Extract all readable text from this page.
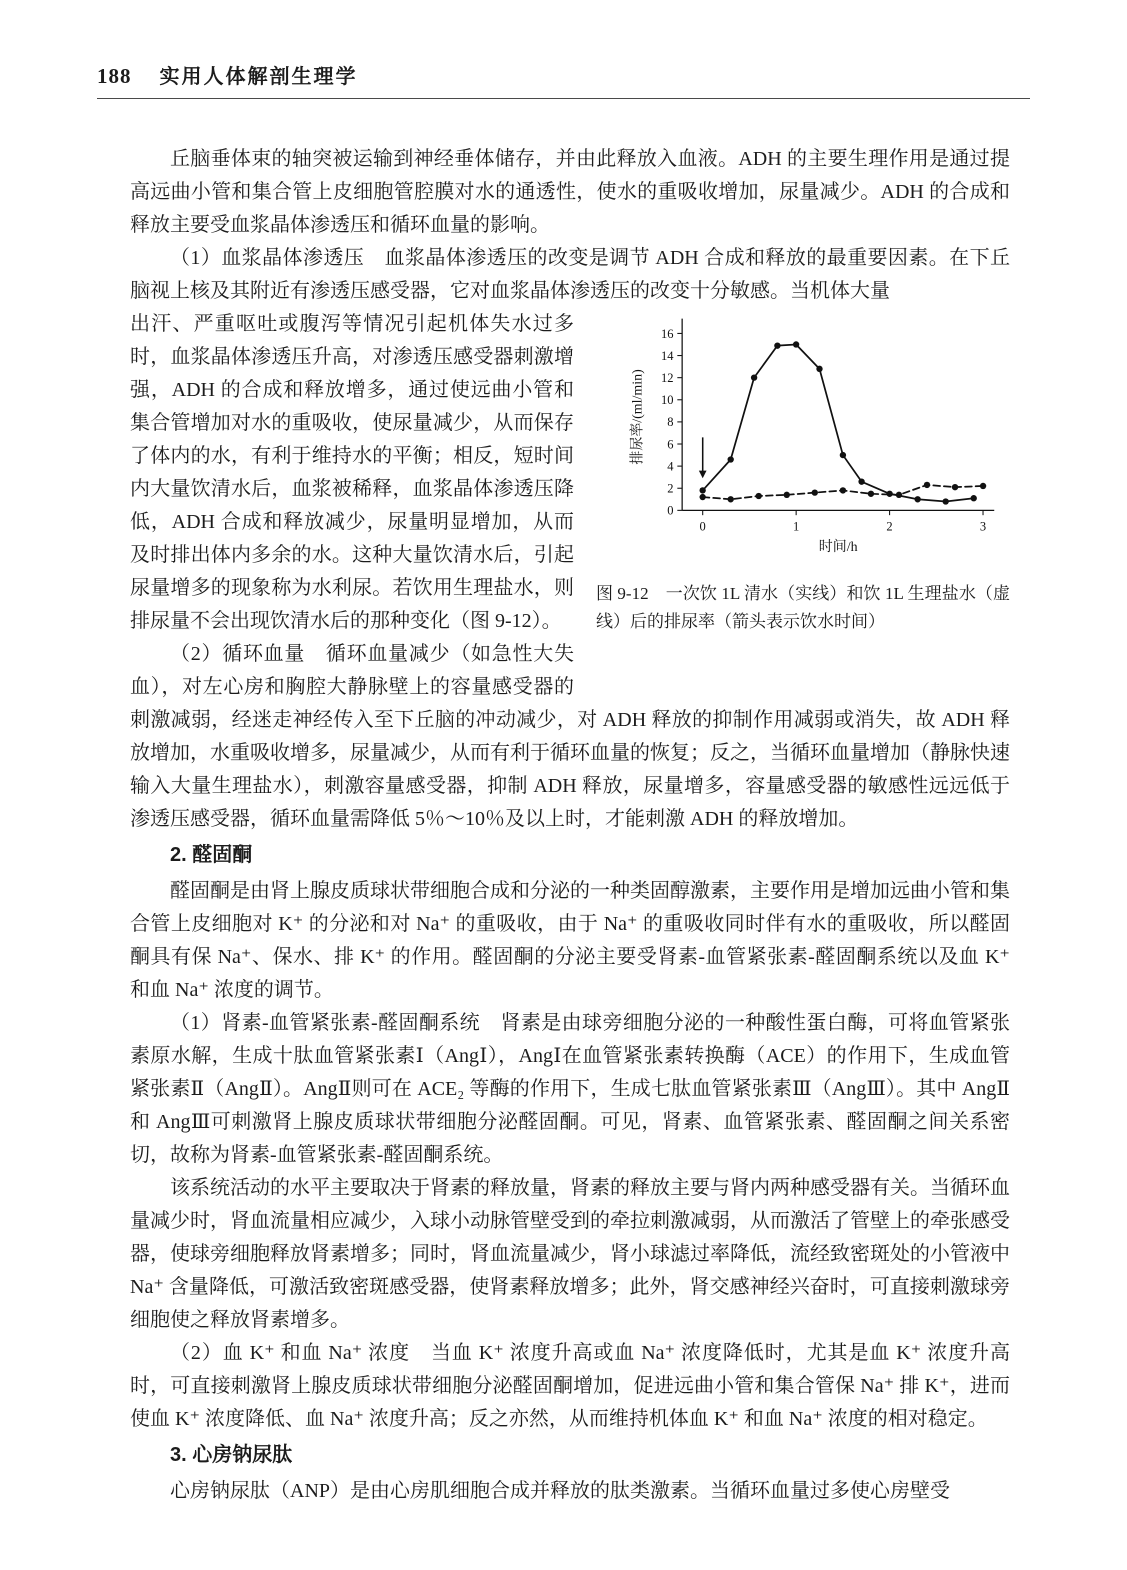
188 实用人体解剖生理学

丘脑垂体束的轴突被运输到神经垂体储存，并由此释放入血液。ADH 的主要生理作用是通过提高远曲小管和集合管上皮细胞管腔膜对水的通透性，使水的重吸收增加，尿量减少。ADH 的合成和释放主要受血浆晶体渗透压和循环血量的影响。

（1）血浆晶体渗透压　血浆晶体渗透压的改变是调节 ADH 合成和释放的最重要因素。在下丘脑视上核及其附近有渗透压感受器，它对血浆晶体渗透压的改变十分敏感。当机体大量

0
2
4
6
8
10
12
14
16
0	1	2	3
时间/h
排尿率/(ml/min)
图 9-12　一次饮 1L 清水（实线）和饮 1L 生理盐水（虚线）后的排尿率（箭头表示饮水时间）
出汗、严重呕吐或腹泻等情况引起机体失水过多时，血浆晶体渗透压升高，对渗透压感受器刺激增强，ADH 的合成和释放增多，通过使远曲小管和集合管增加对水的重吸收，使尿量减少，从而保存了体内的水，有利于维持水的平衡；相反，短时间内大量饮清水后，血浆被稀释，血浆晶体渗透压降低，ADH 合成和释放减少，尿量明显增加，从而及时排出体内多余的水。这种大量饮清水后，引起尿量增多的现象称为水利尿。若饮用生理盐水，则排尿量不会出现饮清水后的那种变化（图 9-12）。

（2）循环血量　循环血量减少（如急性大失血），对左心房和胸腔大静脉壁上的容量感受器的刺激减弱，经迷走神经传入至下丘脑的冲动减少，对 ADH 释放的抑制作用减弱或消失，故 ADH 释放增加，水重吸收增多，尿量减少，从而有利于循环血量的恢复；反之，当循环血量增加（静脉快速输入大量生理盐水），刺激容量感受器，抑制 ADH 释放，尿量增多，容量感受器的敏感性远远低于渗透压感受器，循环血量需降低 5％～10％及以上时，才能刺激 ADH 的释放增加。

2. 醛固酮

醛固酮是由肾上腺皮质球状带细胞合成和分泌的一种类固醇激素，主要作用是增加远曲小管和集合管上皮细胞对 K⁺ 的分泌和对 Na⁺ 的重吸收，由于 Na⁺ 的重吸收同时伴有水的重吸收，所以醛固酮具有保 Na⁺、保水、排 K⁺ 的作用。醛固酮的分泌主要受肾素-血管紧张素-醛固酮系统以及血 K⁺ 和血 Na⁺ 浓度的调节。

（1）肾素-血管紧张素-醛固酮系统　肾素是由球旁细胞分泌的一种酸性蛋白酶，可将血管紧张素原水解，生成十肽血管紧张素Ⅰ（AngⅠ），AngⅠ在血管紧张素转换酶（ACE）的作用下，生成血管紧张素Ⅱ（AngⅡ）。AngⅡ则可在 ACE₂ 等酶的作用下，生成七肽血管紧张素Ⅲ（AngⅢ）。其中 AngⅡ和 AngⅢ可刺激肾上腺皮质球状带细胞分泌醛固酮。可见，肾素、血管紧张素、醛固酮之间关系密切，故称为肾素-血管紧张素-醛固酮系统。

该系统活动的水平主要取决于肾素的释放量，肾素的释放主要与肾内两种感受器有关。当循环血量减少时，肾血流量相应减少，入球小动脉管壁受到的牵拉刺激减弱，从而激活了管壁上的牵张感受器，使球旁细胞释放肾素增多；同时，肾血流量减少，肾小球滤过率降低，流经致密斑处的小管液中 Na⁺ 含量降低，可激活致密斑感受器，使肾素释放增多；此外，肾交感神经兴奋时，可直接刺激球旁细胞使之释放肾素增多。

（2）血 K⁺ 和血 Na⁺ 浓度　当血 K⁺ 浓度升高或血 Na⁺ 浓度降低时，尤其是血 K⁺ 浓度升高时，可直接刺激肾上腺皮质球状带细胞分泌醛固酮增加，促进远曲小管和集合管保 Na⁺ 排 K⁺，进而使血 K⁺ 浓度降低、血 Na⁺ 浓度升高；反之亦然，从而维持机体血 K⁺ 和血 Na⁺ 浓度的相对稳定。

3. 心房钠尿肽

心房钠尿肽（ANP）是由心房肌细胞合成并释放的肽类激素。当循环血量过多使心房壁受
